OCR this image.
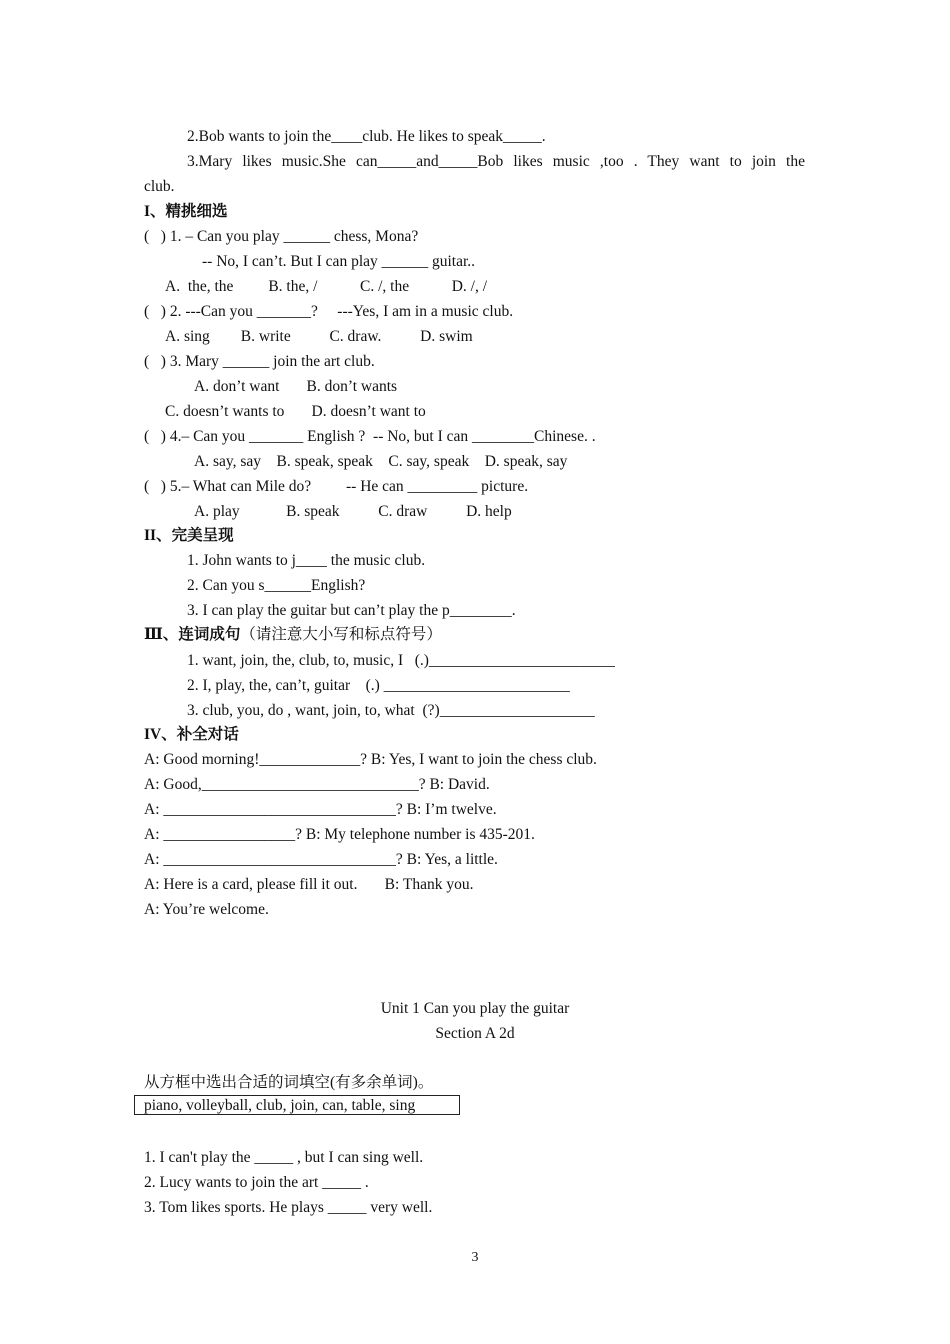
2.Bob wants to join the____club. He likes to speak_____.
3.Mary likes music.She can_____and_____Bob likes music ,too . They want to join the
club.
I、精挑细选
(   ) 1. – Can you play ______ chess, Mona?
-- No, I can’t. But I can play ______ guitar..
A.  the, the         B. the, /           C. /, the           D. /, /
(   ) 2. ---Can you _______?     ---Yes, I am in a music club.
A. sing        B. write          C. draw.          D. swim
(   ) 3. Mary ______ join the art club.
A. don’t want       B. don’t wants
C. doesn’t wants to       D. doesn’t want to
(   ) 4.– Can you _______ English ?  -- No, but I can ________Chinese. .
A. say, say    B. speak, speak    C. say, speak    D. speak, say
(   ) 5.– What can Mile do?         -- He can _________ picture.
A. play            B. speak          C. draw          D. help
II、完美呈现
1. John wants to j____ the music club.
2. Can you s______English?
3. I can play the guitar but can’t play the p________.
Ⅲ、连词成句（请注意大小写和标点符号）
1. want, join, the, club, to, music, I   (.)________________________
2. I, play, the, can’t, guitar    (.) ________________________
3. club, you, do , want, join, to, what  (?)____________________
IV、补全对话
A: Good morning!_____________? B: Yes, I want to join the chess club.
A: Good,____________________________? B: David.
A: ______________________________? B: I’m twelve.
A: _________________? B: My telephone number is 435-201.
A: ______________________________? B: Yes, a little.
A: Here is a card, please fill it out.       B: Thank you.
A: You’re welcome.
Unit 1 Can you play the guitar
Section A 2d
从方框中选出合适的词填空(有多余单词)。
piano, volleyball, club, join, can, table, sing
1. I can't play the _____ , but I can sing well.
2. Lucy wants to join the art _____ .
3. Tom likes sports. He plays _____ very well.
3
